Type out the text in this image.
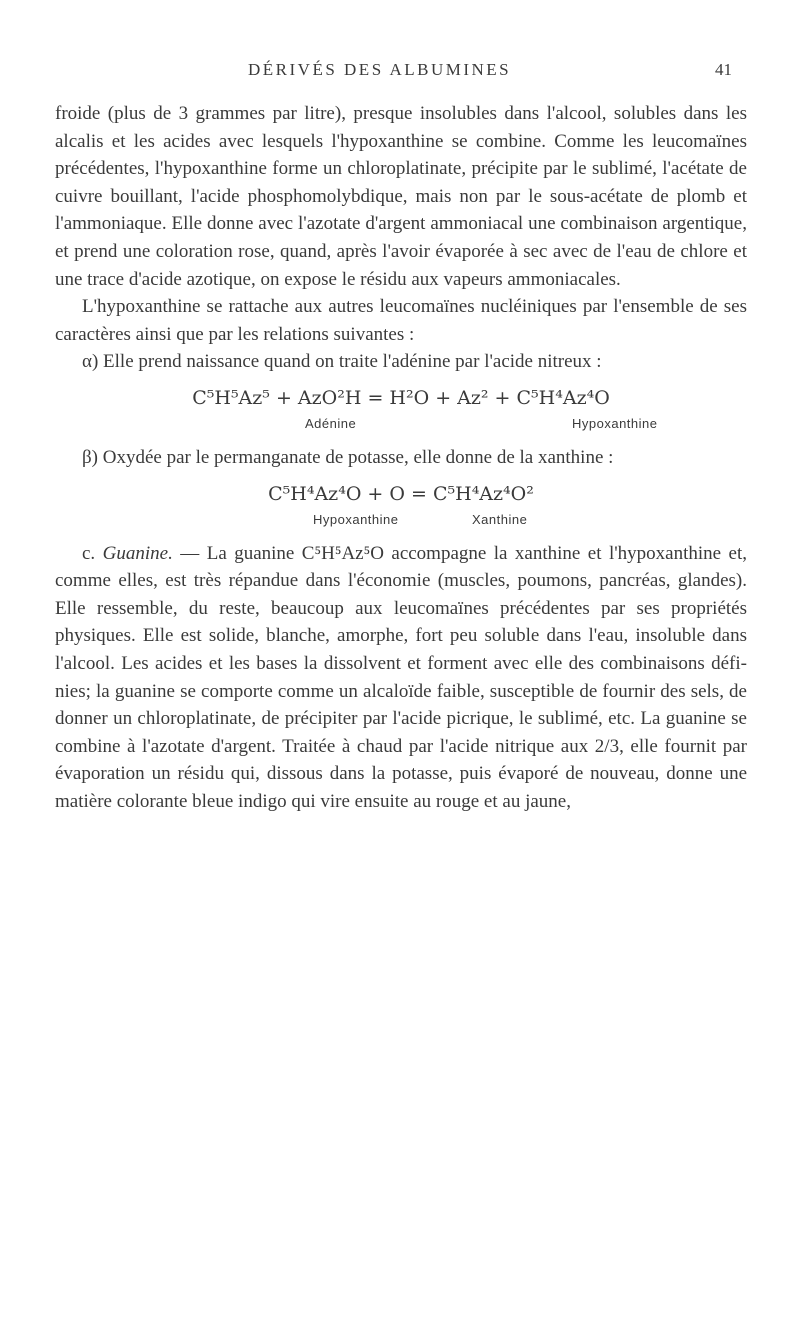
DÉRIVÉS DES ALBUMINES	41

froide (plus de 3 grammes par litre), presque insolubles dans l'alcool, solubles dans les alcalis et les acides avec lesquels l'hypoxanthine se combine. Comme les leucomaïnes précédentes, l'hypoxanthine forme un chloroplatinate, précipite par le sublimé, l'acétate de cuivre bouillant, l'acide phosphomolybdique, mais non par le sous-acétate de plomb et l'ammoniaque. Elle donne avec l'azotate d'argent ammoniacal une combinaison argentique, et prend une coloration rose, quand, après l'avoir évaporée à sec avec de l'eau de chlore et une trace d'acide azotique, on expose le résidu aux vapeurs ammoniacales.

L'hypoxanthine se rattache aux autres leucomaïnes nucléiniques par l'ensemble de ses caractères ainsi que par les relations suivantes :

α) Elle prend naissance quand on traite l'adénine par l'acide nitreux :

C⁵H⁵Az⁵ + AzO²H = H²O + Az² + C⁵H⁴Az⁴O
Adénine	Hypoxanthine

β) Oxydée par le permanganate de potasse, elle donne de la xanthine :

C⁵H⁴Az⁴O + O = C⁵H⁴Az⁴O²
Hypoxanthine	Xanthine

c. Guanine. — La guanine C⁵H⁵Az⁵O accompagne la xanthine et l'hypoxanthine et, comme elles, est très répandue dans l'économie (muscles, poumons, pancréas, glandes). Elle ressemble, du reste, beaucoup aux leucomaïnes précédentes par ses propriétés physiques. Elle est solide, blanche, amorphe, fort peu soluble dans l'eau, insoluble dans l'alcool. Les acides et les bases la dissolvent et forment avec elle des combinaisons définies; la guanine se comporte comme un alcaloïde faible, susceptible de fournir des sels, de donner un chloroplatinate, de précipiter par l'acide picrique, le sublimé, etc. La guanine se combine à l'azotate d'argent. Traitée à chaud par l'acide nitrique aux 2/3, elle fournit par évaporation un résidu qui, dissous dans la potasse, puis évaporé de nouveau, donne une matière colorante bleue indigo qui vire ensuite au rouge et au jaune,
